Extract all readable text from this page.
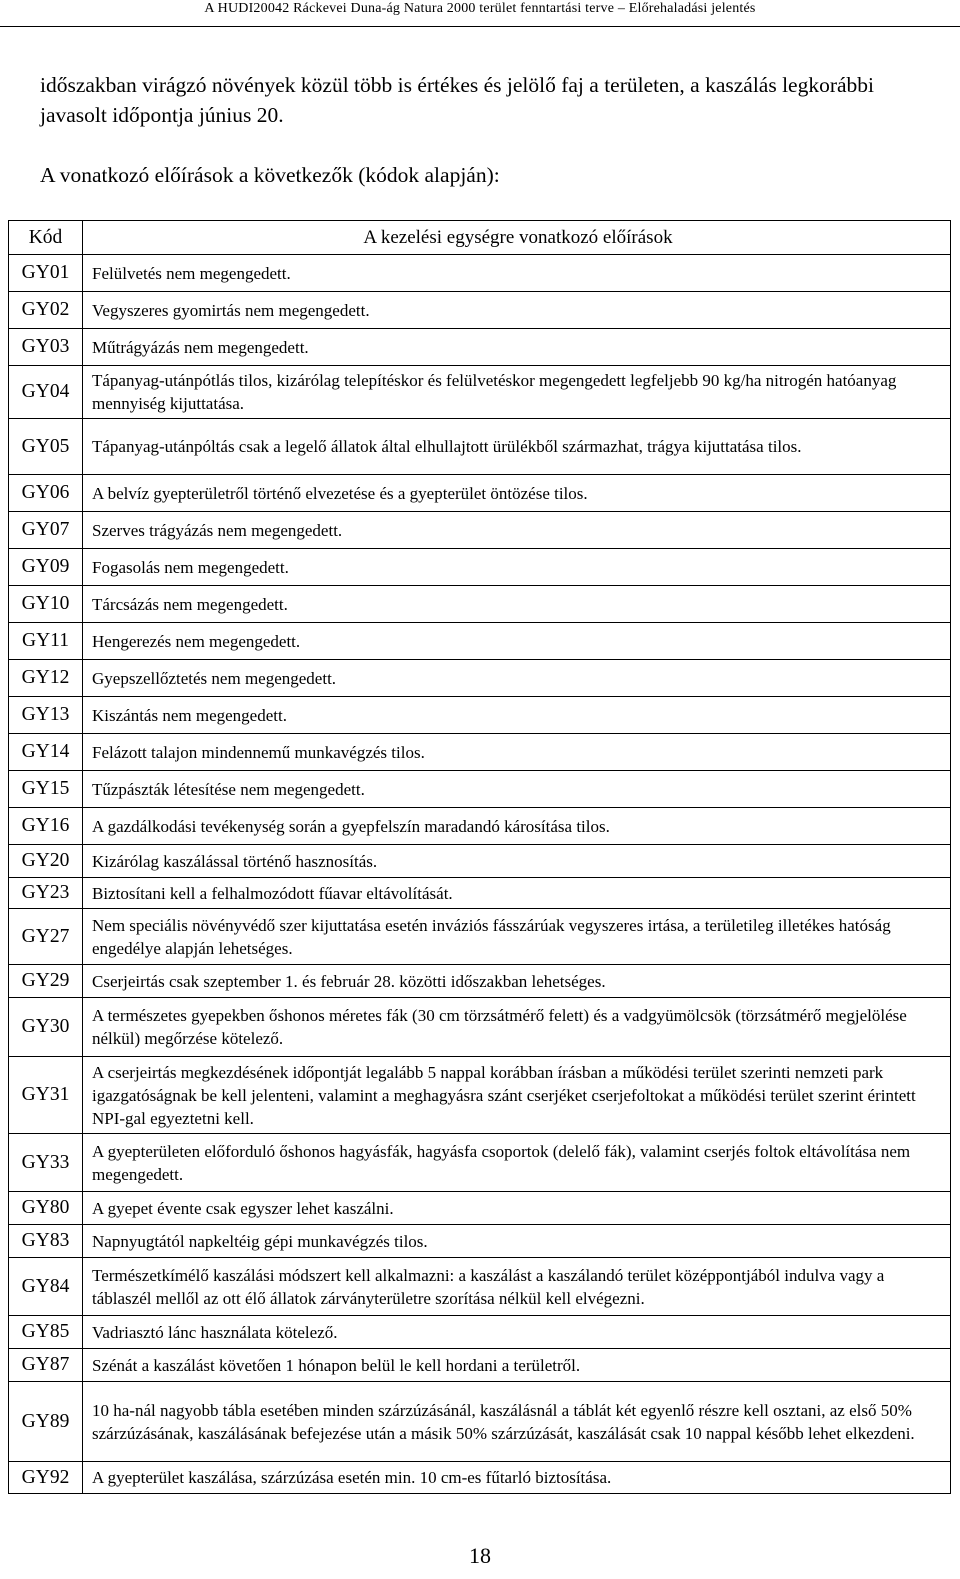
A HUDI20042 Ráckevei Duna-ág Natura 2000 terület fenntartási terve – Előrehaladási jelentés
időszakban virágzó növények közül több is értékes és jelölő faj a területen, a kaszálás legkorábbi javasolt időpontja június 20.
A vonatkozó előírások a következők (kódok alapján):
Kód	A kezelési egységre vonatkozó előírások
GY01	Felülvetés nem megengedett.
GY02	Vegyszeres gyomirtás nem megengedett.
GY03	Műtrágyázás nem megengedett.
GY04	Tápanyag-utánpótlás tilos, kizárólag telepítéskor és felülvetéskor megengedett legfeljebb 90 kg/ha nitrogén hatóanyag mennyiség kijuttatása.
GY05	Tápanyag-utánpóltás csak a legelő állatok által elhullajtott ürülékből származhat, trágya kijuttatása tilos.
GY06	A belvíz gyepterületről történő elvezetése és a gyepterület öntözése tilos.
GY07	Szerves trágyázás nem megengedett.
GY09	Fogasolás nem megengedett.
GY10	Tárcsázás nem megengedett.
GY11	Hengerezés nem megengedett.
GY12	Gyepszellőztetés nem megengedett.
GY13	Kiszántás nem megengedett.
GY14	Felázott talajon mindennemű munkavégzés tilos.
GY15	Tűzpászták létesítése nem megengedett.
GY16	A gazdálkodási tevékenység során a gyepfelszín maradandó károsítása tilos.
GY20	Kizárólag kaszálással történő hasznosítás.
GY23	Biztosítani kell a felhalmozódott fűavar eltávolítását.
GY27	Nem speciális növényvédő szer kijuttatása esetén inváziós fásszárúak vegyszeres irtása, a területileg illetékes hatóság engedélye alapján lehetséges.
GY29	Cserjeirtás csak szeptember 1. és február 28. közötti időszakban lehetséges.
GY30	A természetes gyepekben őshonos méretes fák (30 cm törzsátmérő felett) és a vadgyümölcsök (törzsátmérő megjelölése nélkül) megőrzése kötelező.
GY31	A cserjeirtás megkezdésének időpontját legalább 5 nappal korábban írásban a működési terület szerinti nemzeti park igazgatóságnak be kell jelenteni, valamint a meghagyásra szánt cserjéket cserjefoltokat a működési terület szerint érintett NPI-gal egyeztetni kell.
GY33	A gyepterületen előforduló őshonos hagyásfák, hagyásfa csoportok (delelő fák), valamint cserjés foltok eltávolítása nem megengedett.
GY80	A gyepet évente csak egyszer lehet kaszálni.
GY83	Napnyugtától napkeltéig gépi munkavégzés tilos.
GY84	Természetkímélő kaszálási módszert kell alkalmazni: a kaszálást a kaszálandó terület középpontjából indulva vagy a táblaszél mellől az ott élő állatok zárványterületre szorítása nélkül kell elvégezni.
GY85	Vadriasztó lánc használata kötelező.
GY87	Szénát a kaszálást követően 1 hónapon belül le kell hordani a területről.
GY89	10 ha-nál nagyobb tábla esetében minden szárzúzásánál, kaszálásnál a táblát két egyenlő részre kell osztani, az első 50% szárzúzásának, kaszálásának befejezése után a másik 50% szárzúzását, kaszálását csak 10 nappal később lehet elkezdeni.
GY92	A gyepterület kaszálása, szárzúzása esetén min. 10 cm-es fűtarló biztosítása.
18
